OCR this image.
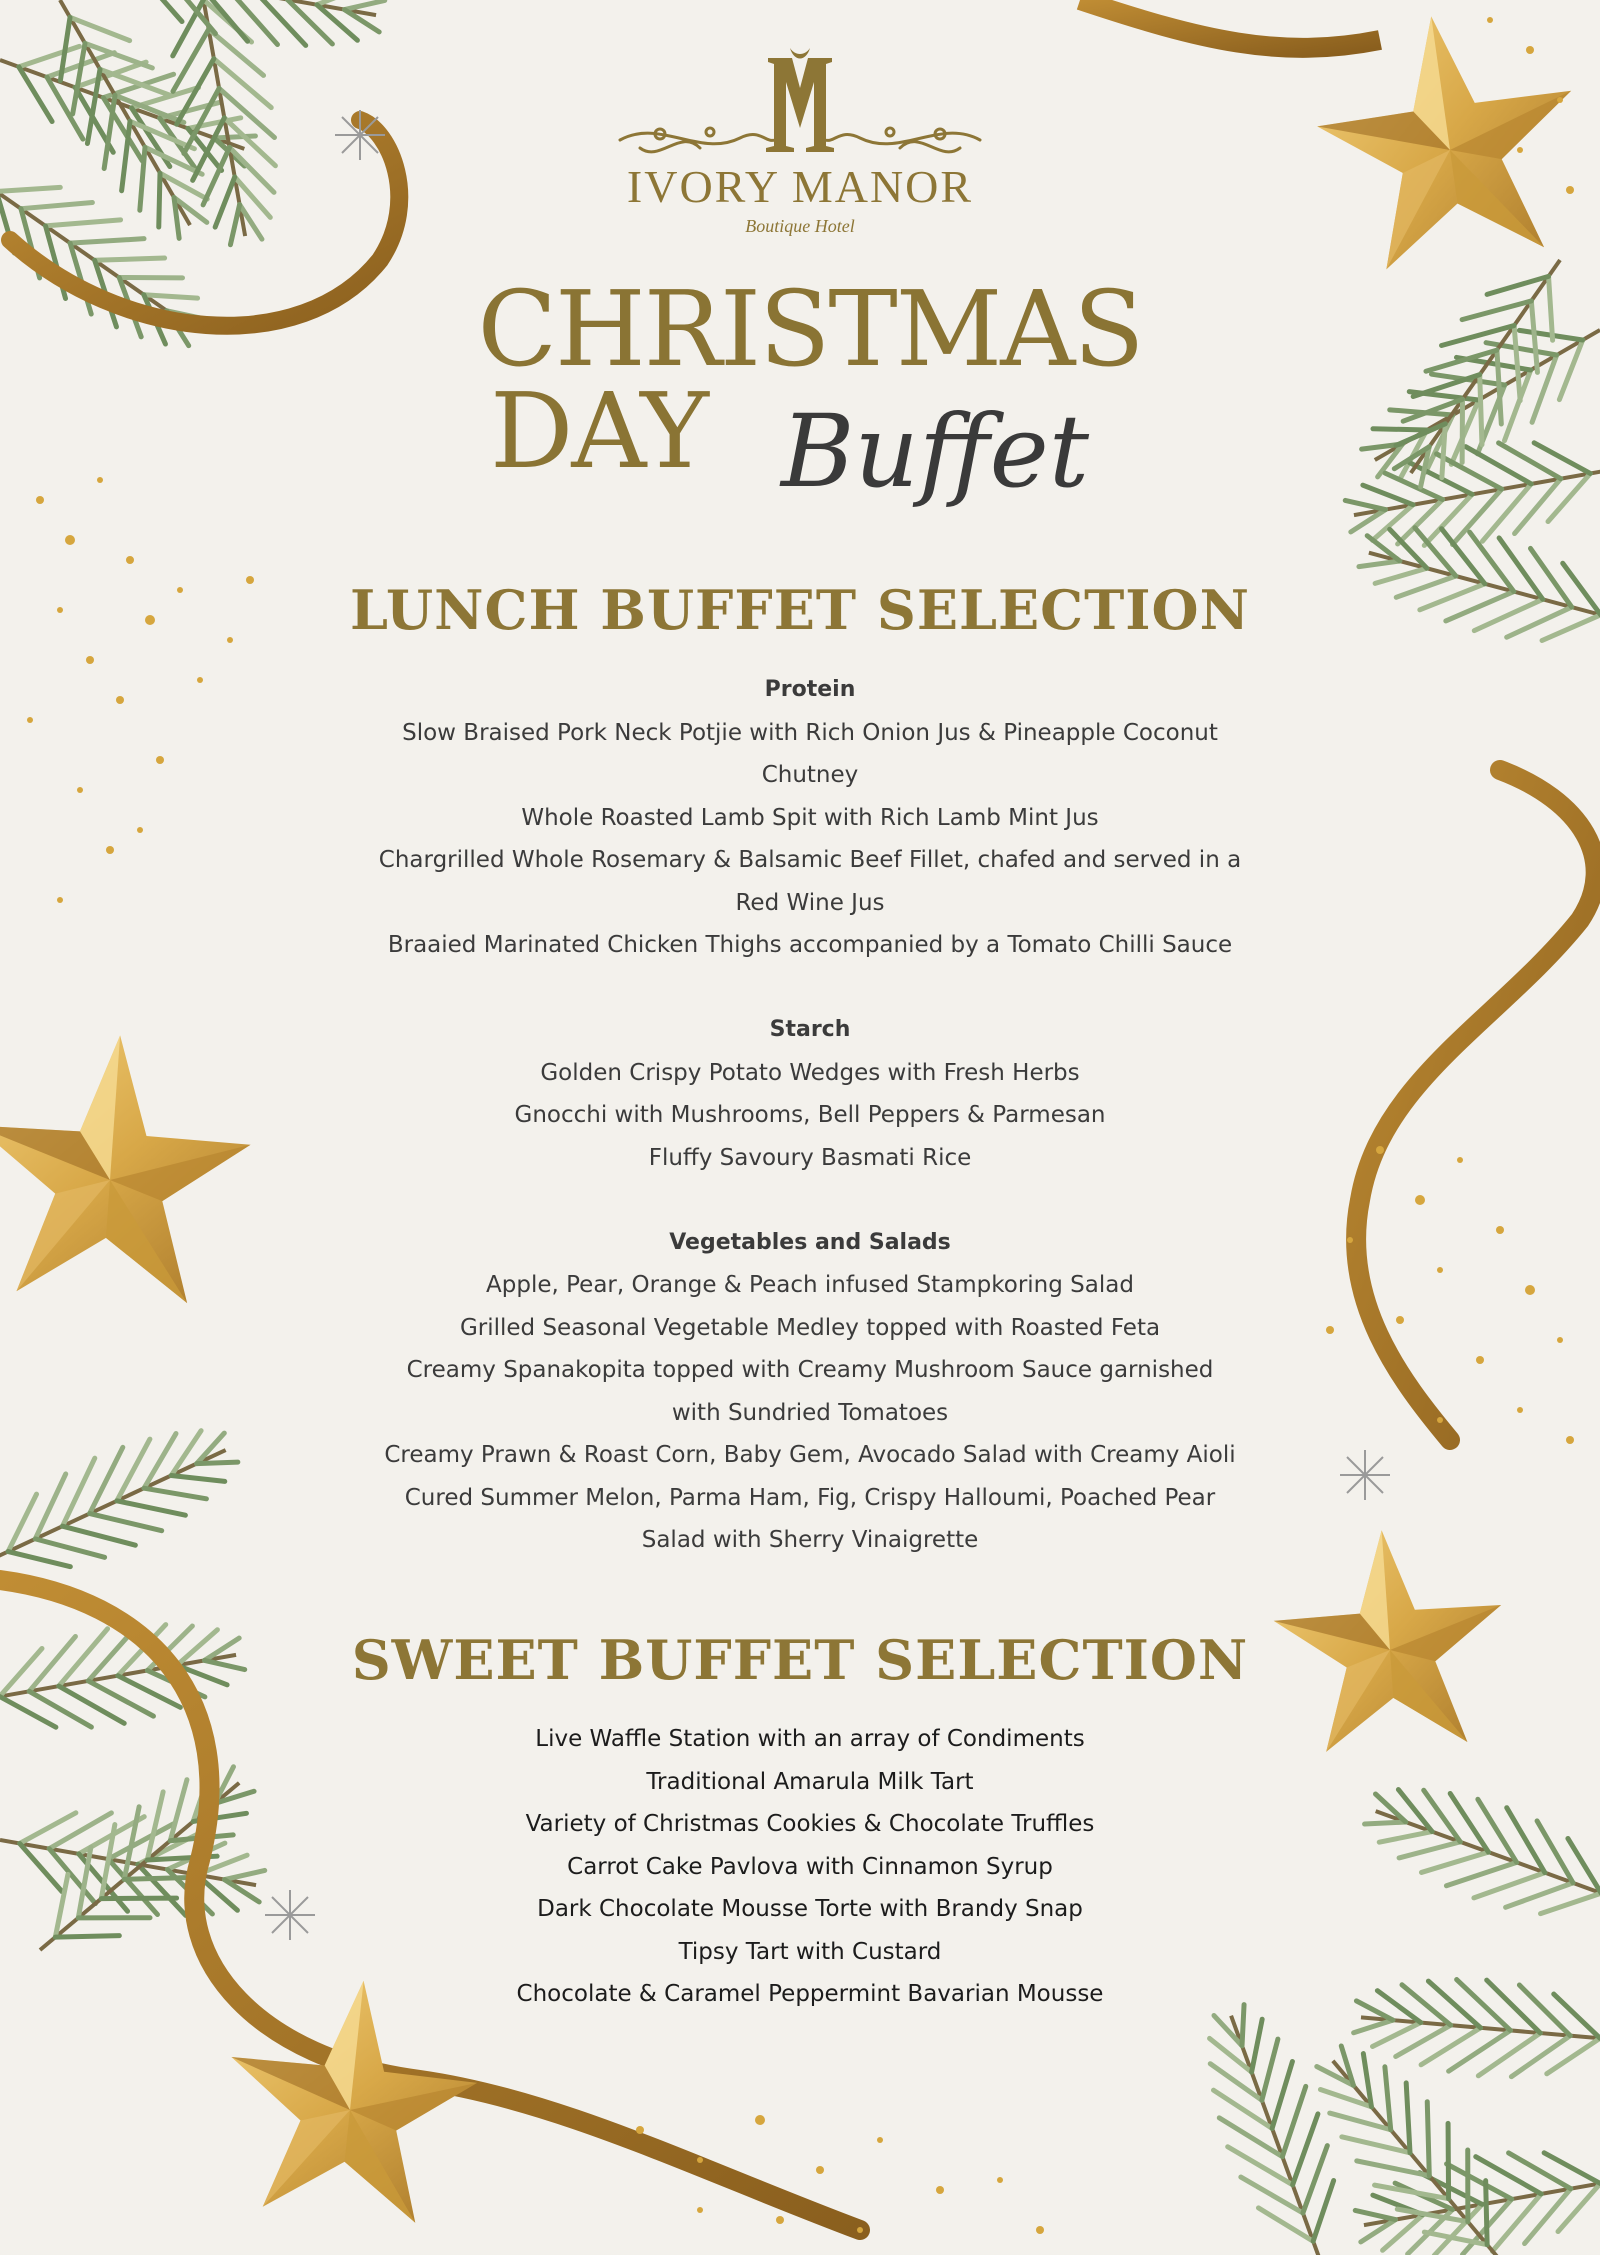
IVORY MANOR
Boutique Hotel
CHRISTMAS
DAY Buffet
LUNCH BUFFET SELECTION
Protein
Slow Braised Pork Neck Potjie with Rich Onion Jus & Pineapple Coconut
Chutney
Whole Roasted Lamb Spit with Rich Lamb Mint Jus
Chargrilled Whole Rosemary & Balsamic Beef Fillet, chafed and served in a
Red Wine Jus
Braaied Marinated Chicken Thighs accompanied by a Tomato Chilli Sauce
Starch
Golden Crispy Potato Wedges with Fresh Herbs
Gnocchi with Mushrooms, Bell Peppers & Parmesan
Fluffy Savoury Basmati Rice
Vegetables and Salads
Apple, Pear, Orange & Peach infused Stampkoring Salad
Grilled Seasonal Vegetable Medley topped with Roasted Feta
Creamy Spanakopita topped with Creamy Mushroom Sauce garnished
with Sundried Tomatoes
Creamy Prawn & Roast Corn, Baby Gem, Avocado Salad with Creamy Aioli
Cured Summer Melon, Parma Ham, Fig, Crispy Halloumi, Poached Pear
Salad with Sherry Vinaigrette
SWEET BUFFET SELECTION
Live Waffle Station with an array of Condiments
Traditional Amarula Milk Tart
Variety of Christmas Cookies & Chocolate Truffles
Carrot Cake Pavlova with Cinnamon Syrup
Dark Chocolate Mousse Torte with Brandy Snap
Tipsy Tart with Custard
Chocolate & Caramel Peppermint Bavarian Mousse
